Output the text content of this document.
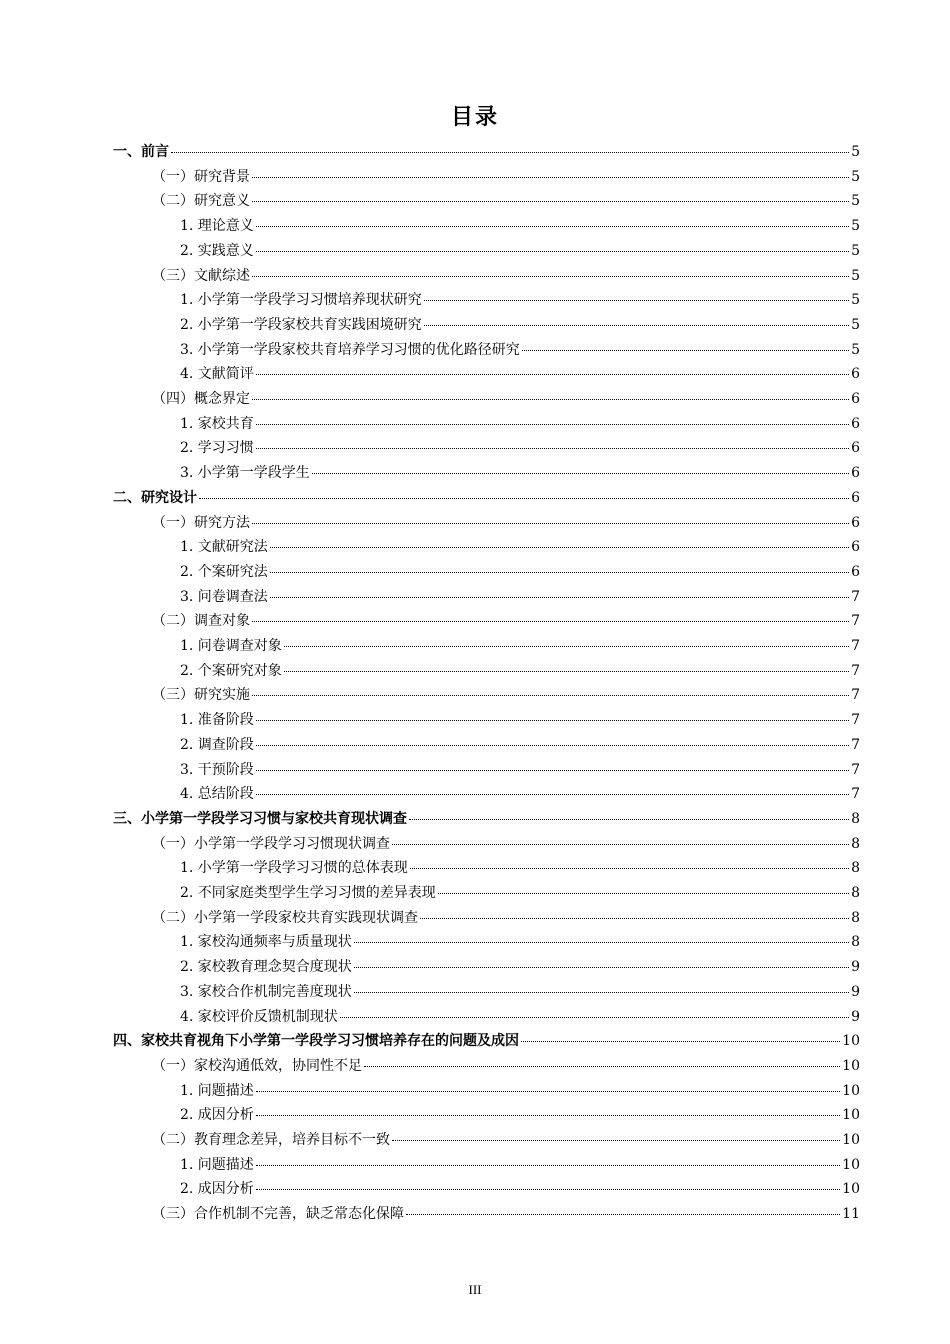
目录
一、前言	5
（一）研究背景	5
（二）研究意义	5
1. 理论意义	5
2. 实践意义	5
（三）文献综述	5
1. 小学第一学段学习习惯培养现状研究	5
2. 小学第一学段家校共育实践困境研究	5
3. 小学第一学段家校共育培养学习习惯的优化路径研究	5
4. 文献简评	6
（四）概念界定	6
1. 家校共育	6
2. 学习习惯	6
3. 小学第一学段学生	6
二、研究设计	6
（一）研究方法	6
1. 文献研究法	6
2. 个案研究法	6
3. 问卷调查法	7
（二）调查对象	7
1. 问卷调查对象	7
2. 个案研究对象	7
（三）研究实施	7
1. 准备阶段	7
2. 调查阶段	7
3. 干预阶段	7
4. 总结阶段	7
三、小学第一学段学习习惯与家校共育现状调查	8
（一）小学第一学段学习习惯现状调查	8
1. 小学第一学段学习习惯的总体表现	8
2. 不同家庭类型学生学习习惯的差异表现	8
（二）小学第一学段家校共育实践现状调查	8
1. 家校沟通频率与质量现状	8
2. 家校教育理念契合度现状	9
3. 家校合作机制完善度现状	9
4. 家校评价反馈机制现状	9
四、家校共育视角下小学第一学段学习习惯培养存在的问题及成因	10
（一）家校沟通低效，协同性不足	10
1. 问题描述	10
2. 成因分析	10
（二）教育理念差异，培养目标不一致	10
1. 问题描述	10
2. 成因分析	10
（三）合作机制不完善，缺乏常态化保障	11
III
